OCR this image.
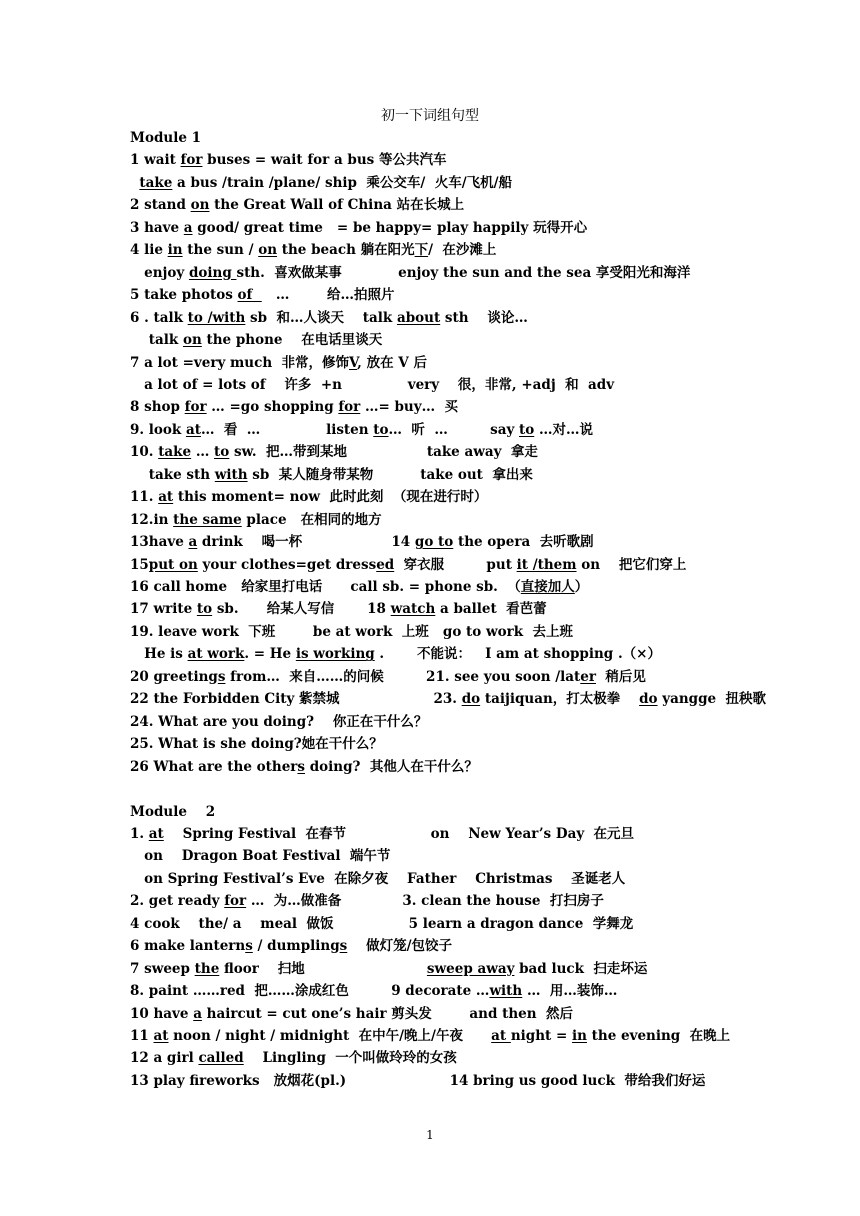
初一下词组句型
Module 1
1 wait for buses = wait for a bus 等公共汽车
take a bus /train /plane/ ship  乘公交车/  火车/飞机/船
2 stand on the Great Wall of China 站在长城上
3 have a good/ great time   = be happy= play happily 玩得开心
4 lie in the sun / on the beach 躺在阳光下/  在沙滩上
enjoy doing sth.  喜欢做某事            enjoy the sun and the sea 享受阳光和海洋
5 take photos of     …        给…拍照片
6 . talk to /with sb  和…人谈天    talk about sth    谈论…
talk on the phone    在电话里谈天
7 a lot =very much  非常，修饰V, 放在 V 后
a lot of = lots of    许多  +n              very    很，非常, +adj  和  adv
8 shop for … =go shopping for …= buy…  买
9. look at…  看  …              listen to…  听  …         say to …对…说
10. take … to sw.  把…带到某地                 take away  拿走
take sth with sb  某人随身带某物          take out  拿出来
11. at this moment= now  此时此刻  （现在进行时）
12.in the same place   在相同的地方
13have a drink    喝一杯                   14 go to the opera  去听歌剧
15put on your clothes=get dressed  穿衣服         put it /them on    把它们穿上
16 call home   给家里打电话      call sb. = phone sb.  （直接加人）
17 write to sb.      给某人写信       18 watch a ballet  看芭蕾
19. leave work  下班        be at work  上班   go to work  去上班
He is at work. = He is working .       不能说：   I am at shopping .（×）
20 greetings from…  来自……的问候         21. see you soon /later  稍后见
22 the Forbidden City 紫禁城                    23. do taijiquan，打太极拳    do yangge  扭秧歌
24. What are you doing?    你正在干什么？
25. What is she doing?她在干什么？
26 What are the others doing?  其他人在干什么？
Module    2
1. at    Spring Festival  在春节                  on    New Year’s Day  在元旦
on    Dragon Boat Festival  端午节
on Spring Festival’s Eve  在除夕夜    Father    Christmas    圣诞老人
2. get ready for …  为…做准备             3. clean the house  打扫房子
4 cook    the/ a    meal  做饭                5 learn a dragon dance  学舞龙
6 make lanterns / dumplings    做灯笼/包饺子
7 sweep the floor    扫地                          sweep away bad luck  扫走坏运
8. paint ……red  把……涂成红色         9 decorate …with …  用…装饰…
10 have a haircut = cut one’s hair 剪头发        and then  然后
11 at noon / night / midnight  在中午/晚上/午夜      at night = in the evening  在晚上
12 a girl called    Lingling  一个叫做玲玲的女孩
13 play fireworks   放烟花(pl.)                      14 bring us good luck  带给我们好运
1
